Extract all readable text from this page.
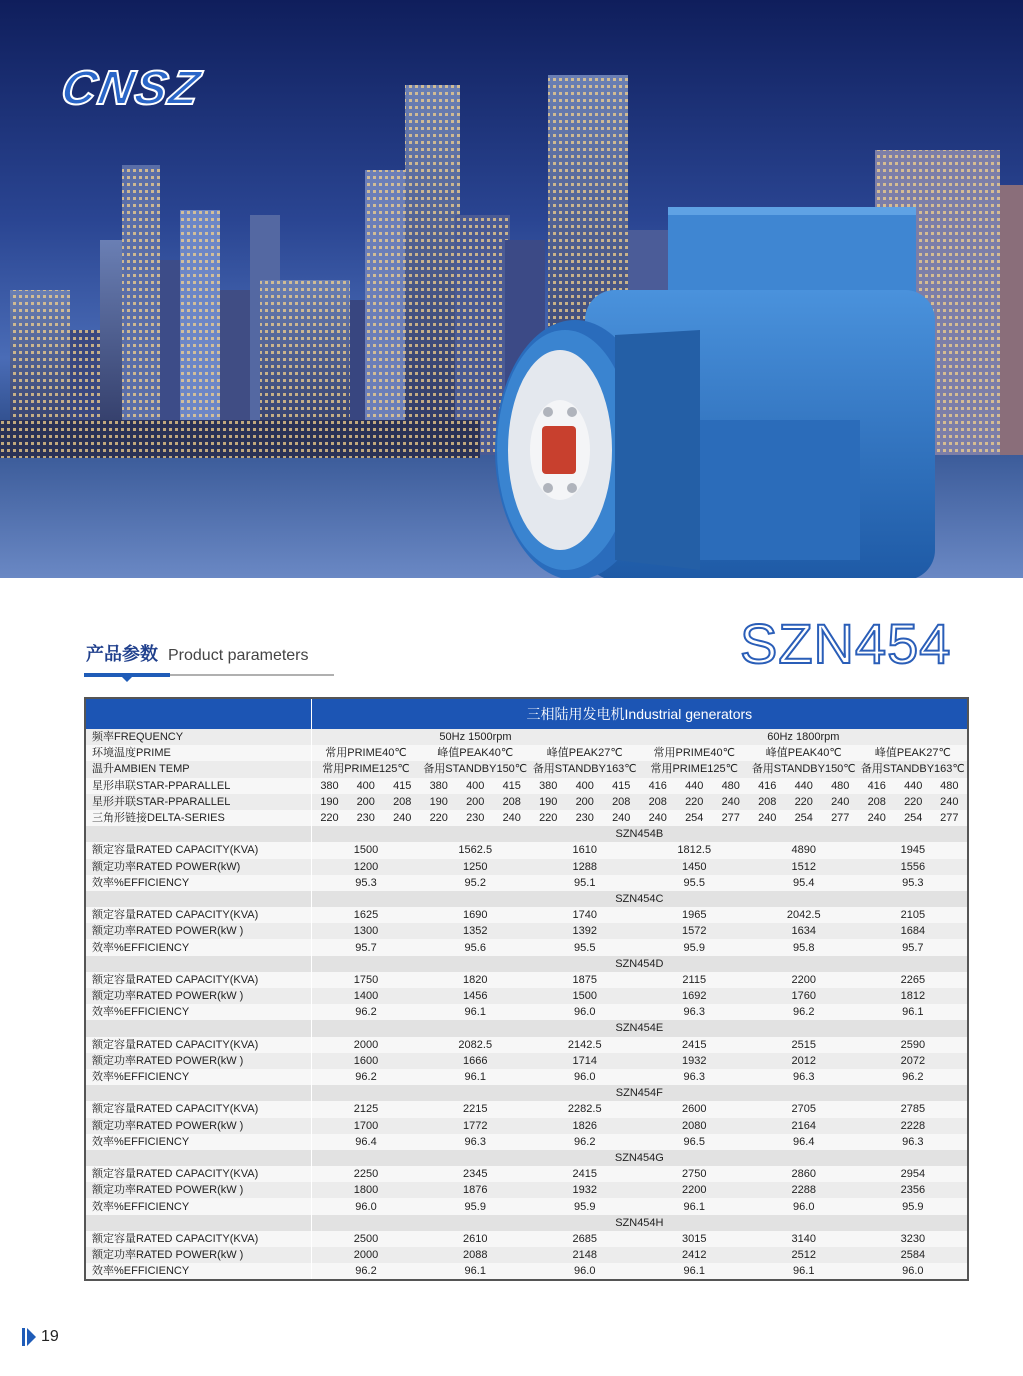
CNSZ
产品参数 Product parameters	SZN454
	三相陆用发电机Industrial generators																	
频率FREQUENCY	50Hz 1500rpm									60Hz 1800rpm								
环境温度PRIME	常用PRIME40℃			峰值PEAK40℃			峰值PEAK27℃			常用PRIME40℃			峰值PEAK40℃			峰值PEAK27℃		
温升AMBIEN TEMP	常用PRIME125℃			备用STANDBY150℃			备用STANDBY163℃			常用PRIME125℃			备用STANDBY150℃			备用STANDBY163℃		
星形串联STAR-PPARALLEL	380	400	415	380	400	415	380	400	415	416	440	480	416	440	480	416	440	480
星形并联STAR-PPARALLEL	190	200	208	190	200	208	190	200	208	208	220	240	208	220	240	208	220	240
三角形链接DELTA-SERIES	220	230	240	220	230	240	220	230	240	240	254	277	240	254	277	240	254	277
	SZN454B																	
额定容量RATED CAPACITY(KVA)	1500			1562.5			1610			1812.5			4890			1945		
额定功率RATED POWER(kW)	1200			1250			1288			1450			1512			1556		
效率%EFFICIENCY	95.3			95.2			95.1			95.5			95.4			95.3		
	SZN454C																	
额定容量RATED CAPACITY(KVA)	1625			1690			1740			1965			2042.5			2105		
额定功率RATED POWER(kW )	1300			1352			1392			1572			1634			1684		
效率%EFFICIENCY	95.7			95.6			95.5			95.9			95.8			95.7		
	SZN454D																	
额定容量RATED CAPACITY(KVA)	1750			1820			1875			2115			2200			2265		
额定功率RATED POWER(kW )	1400			1456			1500			1692			1760			1812		
效率%EFFICIENCY	96.2			96.1			96.0			96.3			96.2			96.1		
	SZN454E																	
额定容量RATED CAPACITY(KVA)	2000			2082.5			2142.5			2415			2515			2590		
额定功率RATED POWER(kW )	1600			1666			1714			1932			2012			2072		
效率%EFFICIENCY	96.2			96.1			96.0			96.3			96.3			96.2		
	SZN454F																	
额定容量RATED CAPACITY(KVA)	2125			2215			2282.5			2600			2705			2785		
额定功率RATED POWER(kW )	1700			1772			1826			2080			2164			2228		
效率%EFFICIENCY	96.4			96.3			96.2			96.5			96.4			96.3		
	SZN454G																	
额定容量RATED CAPACITY(KVA)	2250			2345			2415			2750			2860			2954		
额定功率RATED POWER(kW )	1800			1876			1932			2200			2288			2356		
效率%EFFICIENCY	96.0			95.9			95.9			96.1			96.0			95.9		
	SZN454H																	
额定容量RATED CAPACITY(KVA)	2500			2610			2685			3015			3140			3230		
额定功率RATED POWER(kW )	2000			2088			2148			2412			2512			2584		
效率%EFFICIENCY	96.2			96.1			96.0			96.1			96.1			96.0		
19
